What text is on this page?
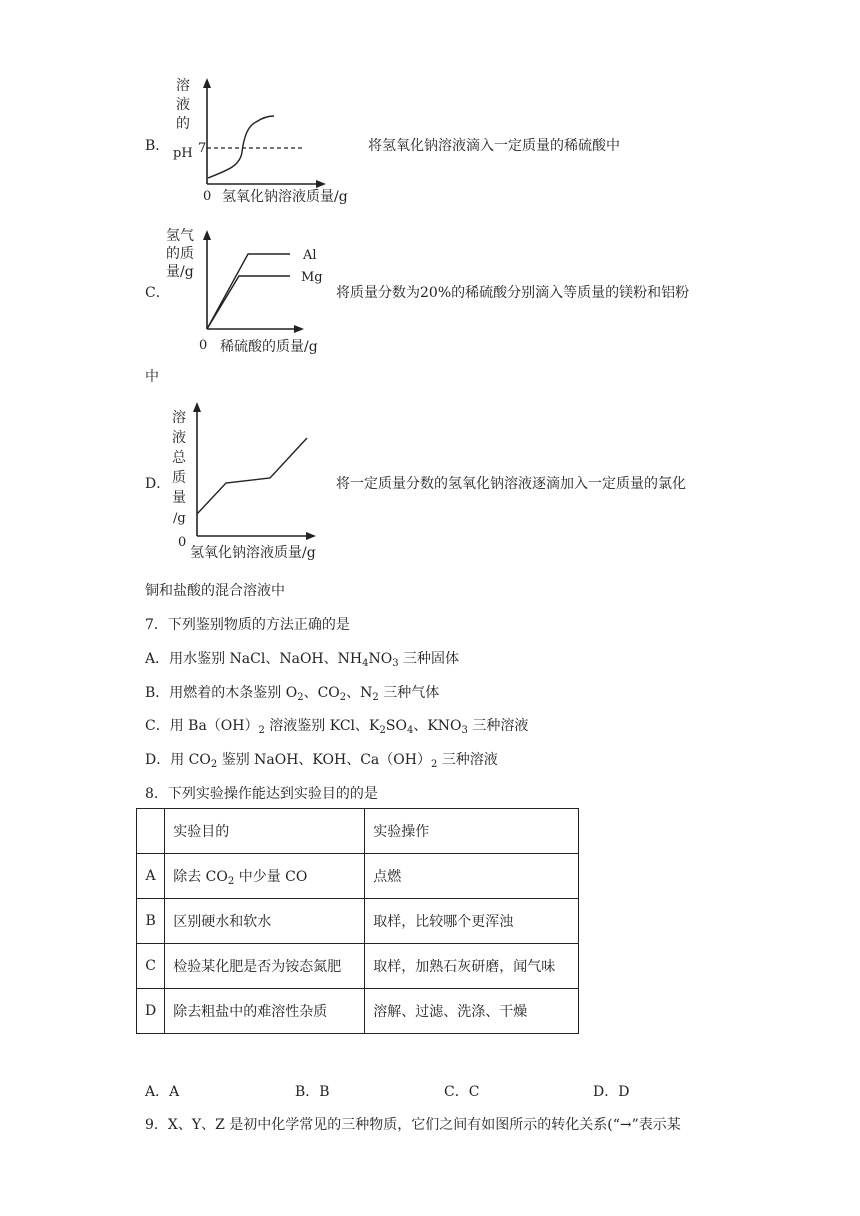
B．
溶
液
的
pH 7
0 氢氧化钠溶液质量/g
将氢氧化钠溶液滴入一定质量的稀硫酸中
C．
氢气
的质
量/g
Al
Mg
0 稀硫酸的质量/g
将质量分数为20%的稀硫酸分别滴入等质量的镁粉和铝粉
中
D．
溶
液
总
质
量
/g
0
氢氧化钠溶液质量/g
将一定质量分数的氢氧化钠溶液逐滴加入一定质量的氯化
铜和盐酸的混合溶液中
7．下列鉴别物质的方法正确的是
A．用水鉴别 NaCl、NaOH、$NH_4NO_3$ 三种固体
B．用燃着的木条鉴别 $O_2$、$CO_2$、$N_2$ 三种气体
C．用 $Ba(OH)_2$ 溶液鉴别 KCl、$K_2SO_4$、$KNO_3$ 三种溶液
D．用 $CO_2$ 鉴别 NaOH、KOH、$Ca(OH)_2$ 三种溶液
8．下列实验操作能达到实验目的的是
	实验目的	实验操作
A	除去 $CO_2$ 中少量 CO	点燃
B	区别硬水和软水	取样，比较哪个更浑浊
C	检验某化肥是否为铵态氮肥	取样，加熟石灰研磨，闻气味
D	除去粗盐中的难溶性杂质	溶解、过滤、洗涤、干燥
A．A	B．B	C．C	D．D
9．X、Y、Z 是初中化学常见的三种物质，它们之间有如图所示的转化关系(“→”表示某
